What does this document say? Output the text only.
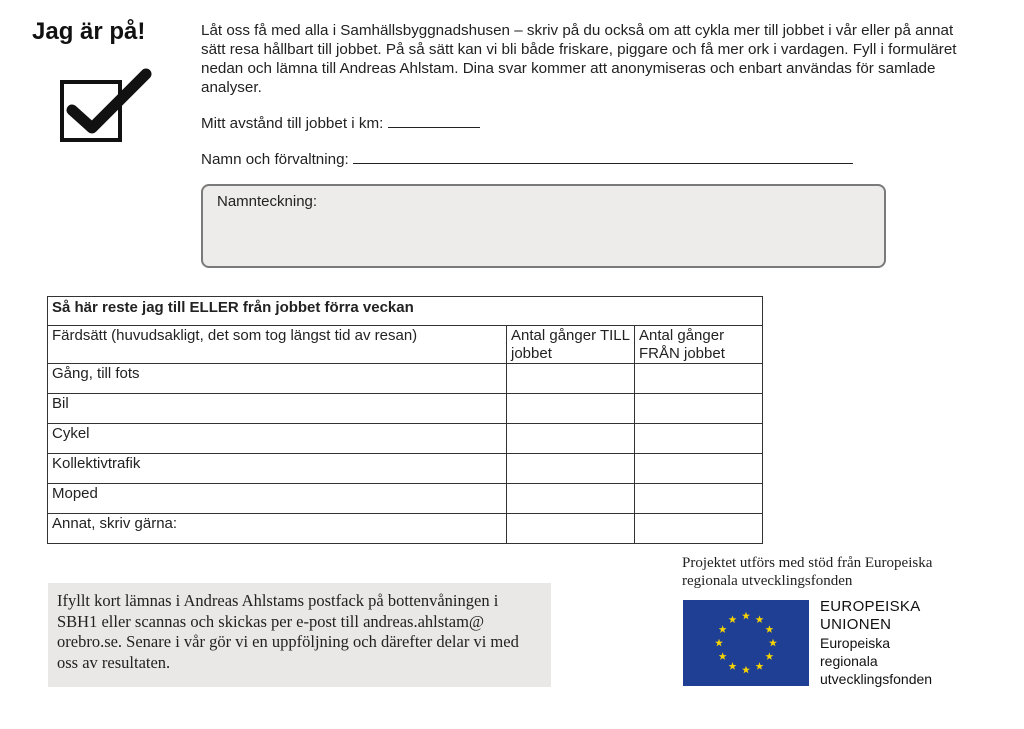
Jag är på!	Låt oss få med alla i Samhällsbyggnadshusen – skriv på du också om att cykla mer till jobbet i vår eller på annat sätt resa hållbart till jobbet. På så sätt kan vi bli både friskare, piggare och få mer ork i vardagen. Fyll i formuläret nedan och lämna till Andreas Ahlstam. Dina svar kommer att anonymiseras och enbart användas för samlade analyser.
Mitt avstånd till jobbet i km:
Namn och förvaltning:
Namnteckning:
Så här reste jag till ELLER från jobbet förra veckan		
Färdsätt (huvudsakligt, det som tog längst tid av resan)	Antal gånger TILL jobbet	Antal gånger FRÅN jobbet
Gång, till fots		
Bil		
Cykel		
Kollektivtrafik		
Moped		
Annat, skriv gärna:		
Ifyllt kort lämnas i Andreas Ahlstams postfack på bottenvåningen i SBH1 eller scannas och skickas per e-post till andreas.ahlstam@ orebro.se. Senare i vår gör vi en uppföljning och därefter delar vi med oss av resultaten.
Projektet utförs med stöd från Europeiska regionala utvecklingsfonden
EUROPEISKA
UNIONEN
Europeiska regionala utvecklingsfonden
